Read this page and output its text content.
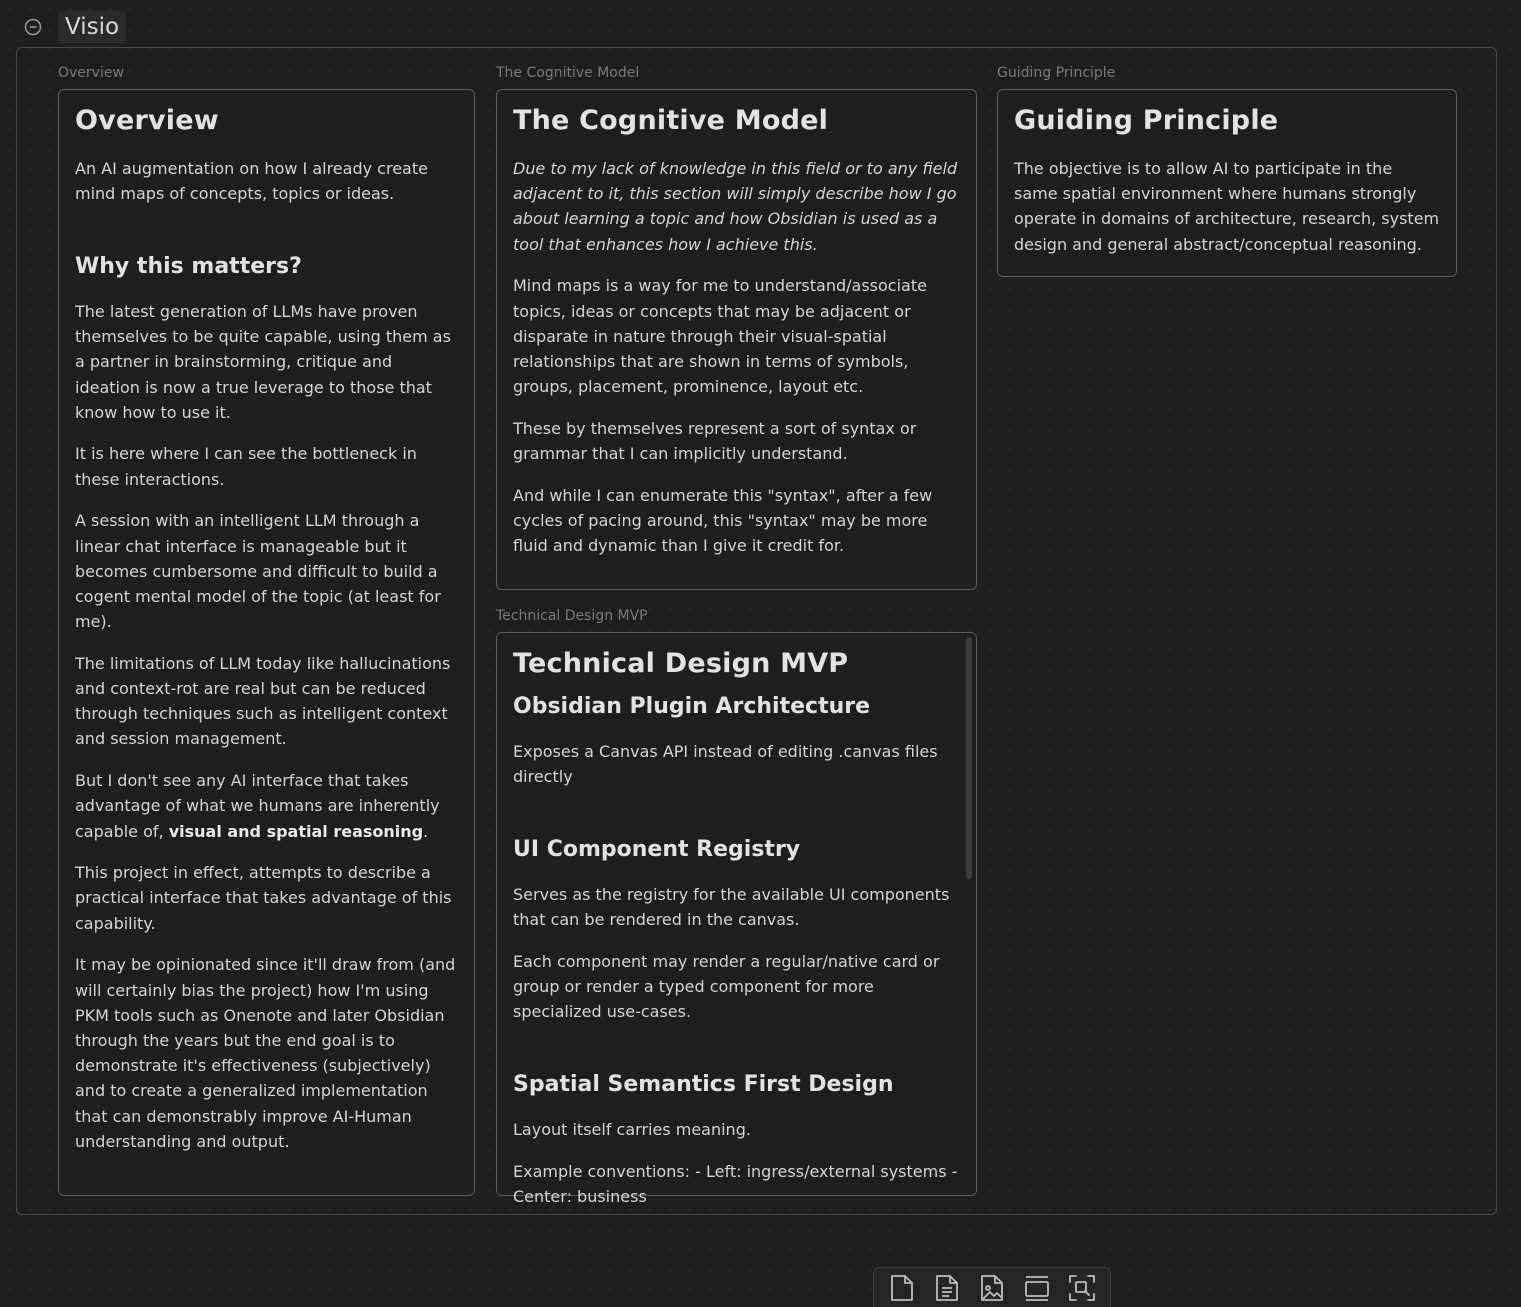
Visio
Overview
Overview

An AI augmentation on how I already create mind maps of concepts, topics or ideas.

Why this matters?

The latest generation of LLMs have proven themselves to be quite capable, using them as a partner in brainstorming, critique and ideation is now a true leverage to those that know how to use it.

It is here where I can see the bottleneck in these interactions.

A session with an intelligent LLM through a linear chat interface is manageable but it becomes cumbersome and difficult to build a cogent mental model of the topic (at least for me).

The limitations of LLM today like hallucinations and context-rot are real but can be reduced through techniques such as intelligent context and session management.

But I don't see any AI interface that takes advantage of what we humans are inherently capable of, visual and spatial reasoning.

This project in effect, attempts to describe a practical interface that takes advantage of this capability.

It may be opinionated since it'll draw from (and will certainly bias the project) how I'm using PKM tools such as Onenote and later Obsidian through the years but the end goal is to demonstrate it's effectiveness (subjectively) and to create a generalized implementation that can demonstrably improve AI-Human understanding and output.

The Cognitive Model
The Cognitive Model

Due to my lack of knowledge in this field or to any field adjacent to it, this section will simply describe how I go about learning a topic and how Obsidian is used as a tool that enhances how I achieve this.

Mind maps is a way for me to understand/associate topics, ideas or concepts that may be adjacent or disparate in nature through their visual-spatial relationships that are shown in terms of symbols, groups, placement, prominence, layout etc.

These by themselves represent a sort of syntax or grammar that I can implicitly understand.

And while I can enumerate this "syntax", after a few cycles of pacing around, this "syntax" may be more fluid and dynamic than I give it credit for.

Guiding Principle
Guiding Principle

The objective is to allow AI to participate in the same spatial environment where humans strongly operate in domains of architecture, research, system design and general abstract/conceptual reasoning.

Technical Design MVP
Technical Design MVP
Obsidian Plugin Architecture

Exposes a Canvas API instead of editing .canvas files directly

UI Component Registry

Serves as the registry for the available UI components that can be rendered in the canvas.

Each component may render a regular/native card or group or render a typed component for more specialized use-cases.

Spatial Semantics First Design

Layout itself carries meaning.

Example conventions: - Left: ingress/external systems - Center: business
